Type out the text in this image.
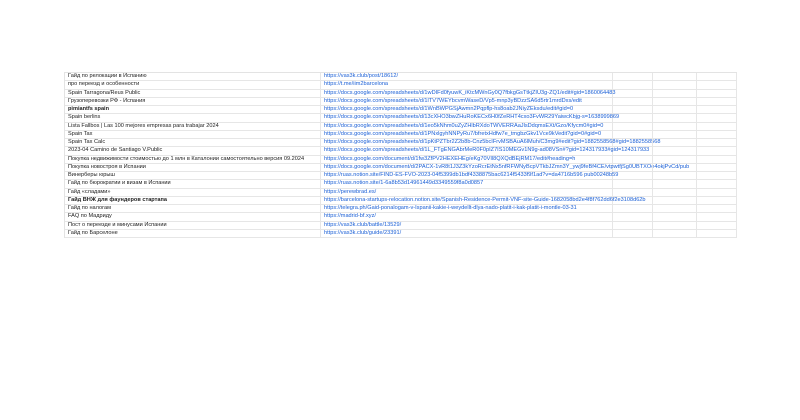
Гайд по релокации в Испанию	https://vas3k.club/post/18612/
про переезд и особенности	https://t.me/iim2barcelona
Spain Tarragona/Reus Public	https://docs.google.com/spreadsheets/d/1wDIFd0fyuwK_iKtcMWnGy0Q7fbkgGsTtkjZIU3g-ZQ1/edit#gid=1860064483
Грузоперевозки РФ - Испания	https://docs.google.com/spreadsheets/d/1lTV7WEYbcvmWaseD/Vp5-mnp3yBDzzSA6d5rtr1mrdDxs/edit
pimiantfs spain	https://docs.google.com/spreadsheets/d/1WnBWPGSjAwmn2Pqpflp-hs8oab2JNiyZEksdu/edit#gid=0
Spain berlins	https://docs.google.com/spreadsheets/d/13cXHO3bwZHuRoKECx6H0fZeRHT4cxo3FvWR29YaiwcKbjg-s=1638999869
Lista Fallbos | Las 100 mejores empresas para trabajar 2024	https://docs.google.com/spreadsheets/d/1eo5kNhm0uZyZHlbRXdoTWVERRAaJlsDdqmsEXt/Gzo/Kfycm0#gid=0
Spain Tax	https://docs.google.com/spreadsheets/d/1PNxlgyhNNPyRu7/bfretxHdfw7e_tmgbzGkv1Vce9kVedit?gid=0#gid=0
Spain Tax Calc	https://docs.google.com/spreadsheets/d/1pKtPZTbr2Z2b8b-Cnz5bcIFrvMSBAuA6lMuh/C3mg9#edit?gid=1882558568#gid=1882558568
2023-04 Camino de Santiago V.Public	https://docs.google.com/spreadsheets/d/1L_FTgENGAbrMeR0F0pIZ7IS10MEGv1N9g-ad08VSn#?gid=124317933#gid=124317933
Покупка недвижимости стоимостью до 1 млн в Каталонии самостоятельно версия 09.2024	https://docs.google.com/document/d/1fw3ZfPV2HEXEHEg/eKg70VIl8QXQdBEjRM17/edit#heading=h
Покупка новостроя в Испании	https://docs.google.com/document/d/2PACX-1vR8t1J3Z3kYzoRcrEtNx5nfRFWNyBcpVTkbJZmn3Y_ywj9feBf4CE/vtpwtfjSg0UBTXOe4okjPvCd/pub
Винерберы юрыш	https://ruas.notion.site/FIND-ES-FVO-2023-04f5399db1bdf4338875bac6214f5433f9f1ad?v=da4716b596 pub00248b59
Гайд по бюрократии и визам в Испании	https://ruas.notion.site/1-6a8b53d14961449d3349559f8a0d0857
Гайд «сладами»	https://perewbrad.es/
Гайд ВНЖ для фаундеров стартапа	https://barcelona-startups-relocation.notion.site/Spanish-Residence-Permit-VNF-site-Guide-1682058bd2e4f8f762dd6f2e3108d62b
Гайд по налогам	https://telegra.ph/Gaid-ponalogam-v-Ispanii-kakie-i-weydellt-dlya-nado-platit-i-kak-platit-i-montle-03-31
FAQ по Мадриду	https://madrid-bf.xyz/
Пост о переезде и минусами Испании	https://vas3k.club/battle/13529/
Гайд по Барселоне	https://vas3k.club/guide/23391/
